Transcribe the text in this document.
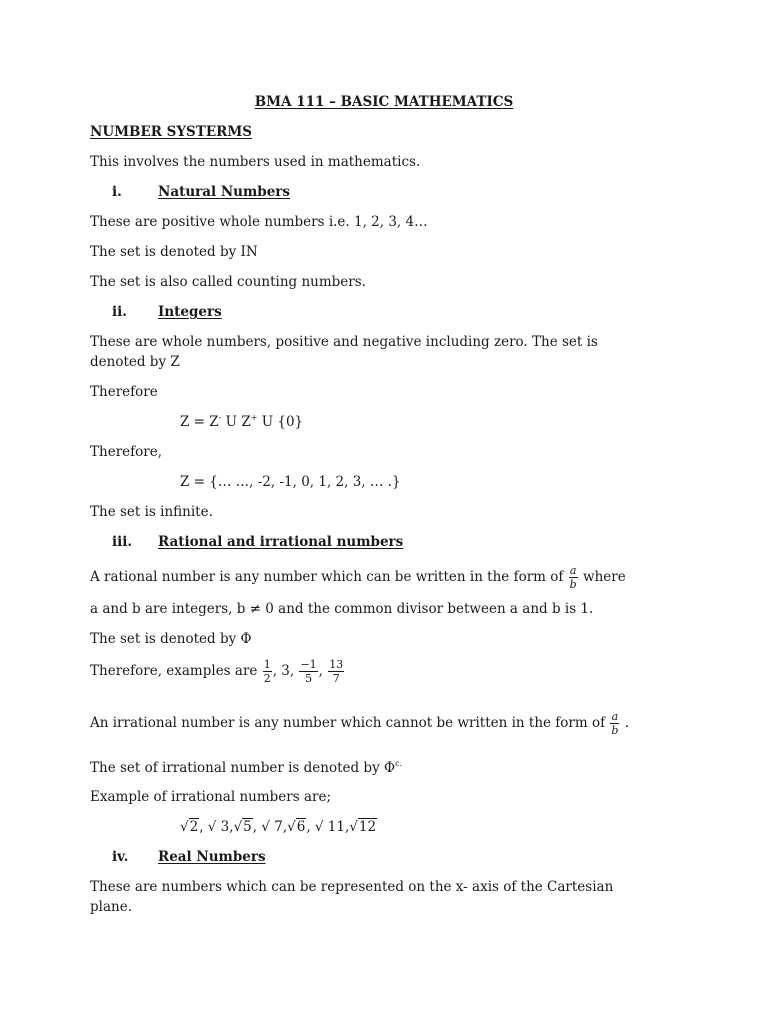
BMA 111 – BASIC MATHEMATICS
NUMBER SYSTERMS
This involves the numbers used in mathematics.
i.	Natural Numbers
These are positive whole numbers i.e. 1, 2, 3, 4…
The set is denoted by IN
The set is also called counting numbers.
ii. Integers
These are whole numbers, positive and negative including zero. The set is
denoted by Z
Therefore
Z = Z- U Z+ U {0}
Therefore,
Z = {… …, -2, -1, 0, 1, 2, 3, … .}
The set is infinite.
iii. Rational and irrational numbers
A rational number is any number which can be written in the form of $\frac{a}{b}$ where
a and b are integers, b ≠ 0 and the common divisor between a and b is 1.
The set is denoted by Φ
Therefore, examples are $\frac{1}{2}$ , 3, $\frac{-1}{5}$ , $\frac{13}{7}$
An irrational number is any number which cannot be written in the form of $\frac{a}{b}$ .
The set of irrational number is denoted by $\Phi^{c.}$
Example of irrational numbers are;
√2, √ 3,√5, √ 7,√6, √ 11,√12
iv. Real Numbers
These are numbers which can be represented on the x- axis of the Cartesian
plane.
